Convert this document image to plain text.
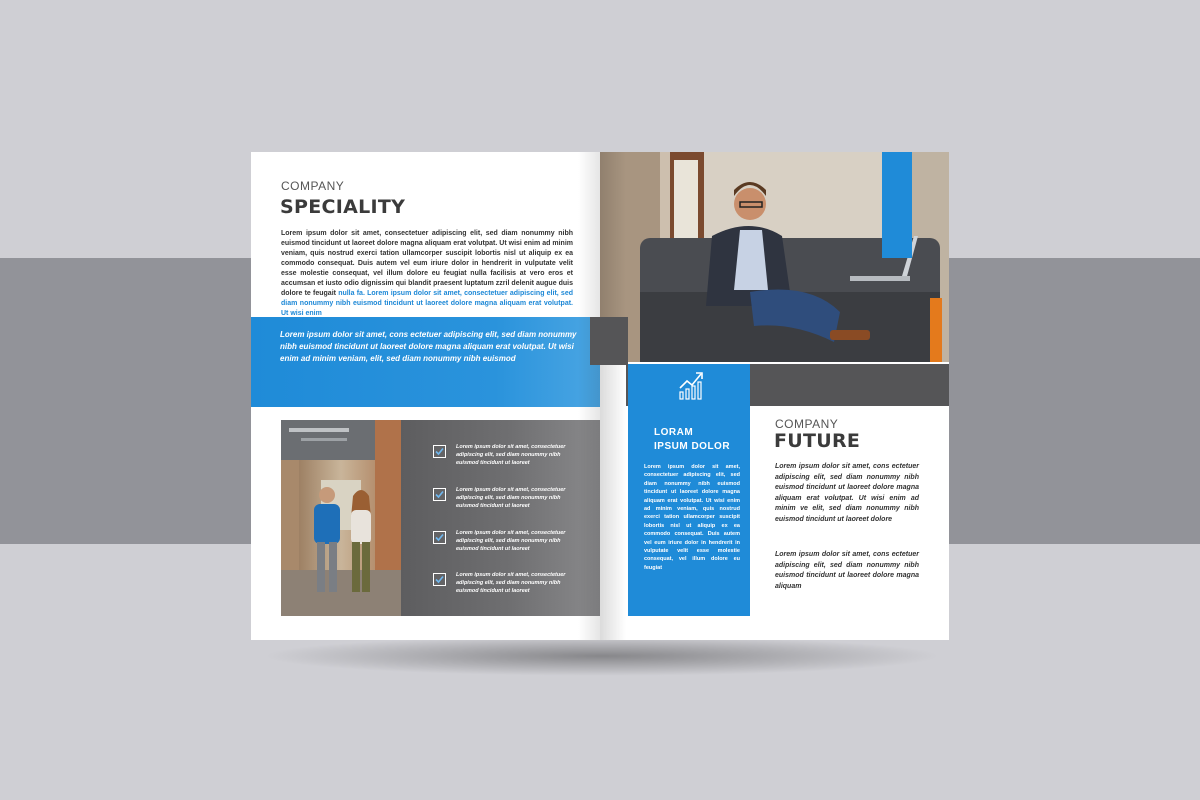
COMPANY
SPECIALITY
Lorem ipsum dolor sit amet, consectetuer adipiscing elit, sed diam nonummy nibh euismod tincidunt ut laoreet dolore magna aliquam erat volutpat. Ut wisi enim ad minim veniam, quis nostrud exerci tation ullamcorper suscipit lobortis nisl ut aliquip ex ea commodo consequat. Duis autem vel eum iriure dolor in hendrerit in vulputate velit esse molestie consequat, vel illum dolore eu feugiat nulla facilisis at vero eros et accumsan et iusto odio dignissim qui blandit praesent luptatum zzril delenit augue duis dolore te feugait nulla fa. Lorem ipsum dolor sit amet, consectetuer adipiscing elit, sed diam nonummy nibh euismod tincidunt ut laoreet dolore magna aliquam erat volutpat. Ut wisi enim
Lorem ipsum dolor sit amet, cons ectetuer adipiscing elit, sed diam nonummy nibh euismod tincidunt ut laoreet dolore magna aliquam erat volutpat. Ut wisi enim ad minim veniam, elit, sed diam nonummy nibh euismod
Lorem ipsum dolor sit amet, consectetuer adipiscing elit, sed diam nonummy nibh euismod tincidunt ut laoreet
Lorem ipsum dolor sit amet, consectetuer adipiscing elit, sed diam nonummy nibh euismod tincidunt ut laoreet
Lorem ipsum dolor sit amet, consectetuer adipiscing elit, sed diam nonummy nibh euismod tincidunt ut laoreet
Lorem ipsum dolor sit amet, consectetuer adipiscing elit, sed diam nonummy nibh euismod tincidunt ut laoreet
LORAM
IPSUM DOLOR
Lorem ipsum dolor sit amet, consectetuer adipiscing elit, sed diam nonummy nibh euismod tincidunt ut laoreet dolore magna aliquam erat volutpat. Ut wisi enim ad minim veniam, quis nostrud exerci tation ullamcorper suscipit lobortis nisl ut aliquip ex ea commodo consequat. Duis autem vel eum iriure dolor in hendrerit in vulputate velit esse molestie consequat, vel illum dolore eu feugiat
COMPANY
FUTURE
Lorem ipsum dolor sit amet, cons ectetuer adipiscing elit, sed diam nonummy nibh euismod tincidunt ut laoreet dolore magna aliquam erat volutpat. Ut wisi enim ad minim ve elit, sed diam nonummy nibh euismod tincidunt ut laoreet dolore
Lorem ipsum dolor sit amet, cons ectetuer adipiscing elit, sed diam nonummy nibh euismod tincidunt ut laoreet dolore magna aliquam
